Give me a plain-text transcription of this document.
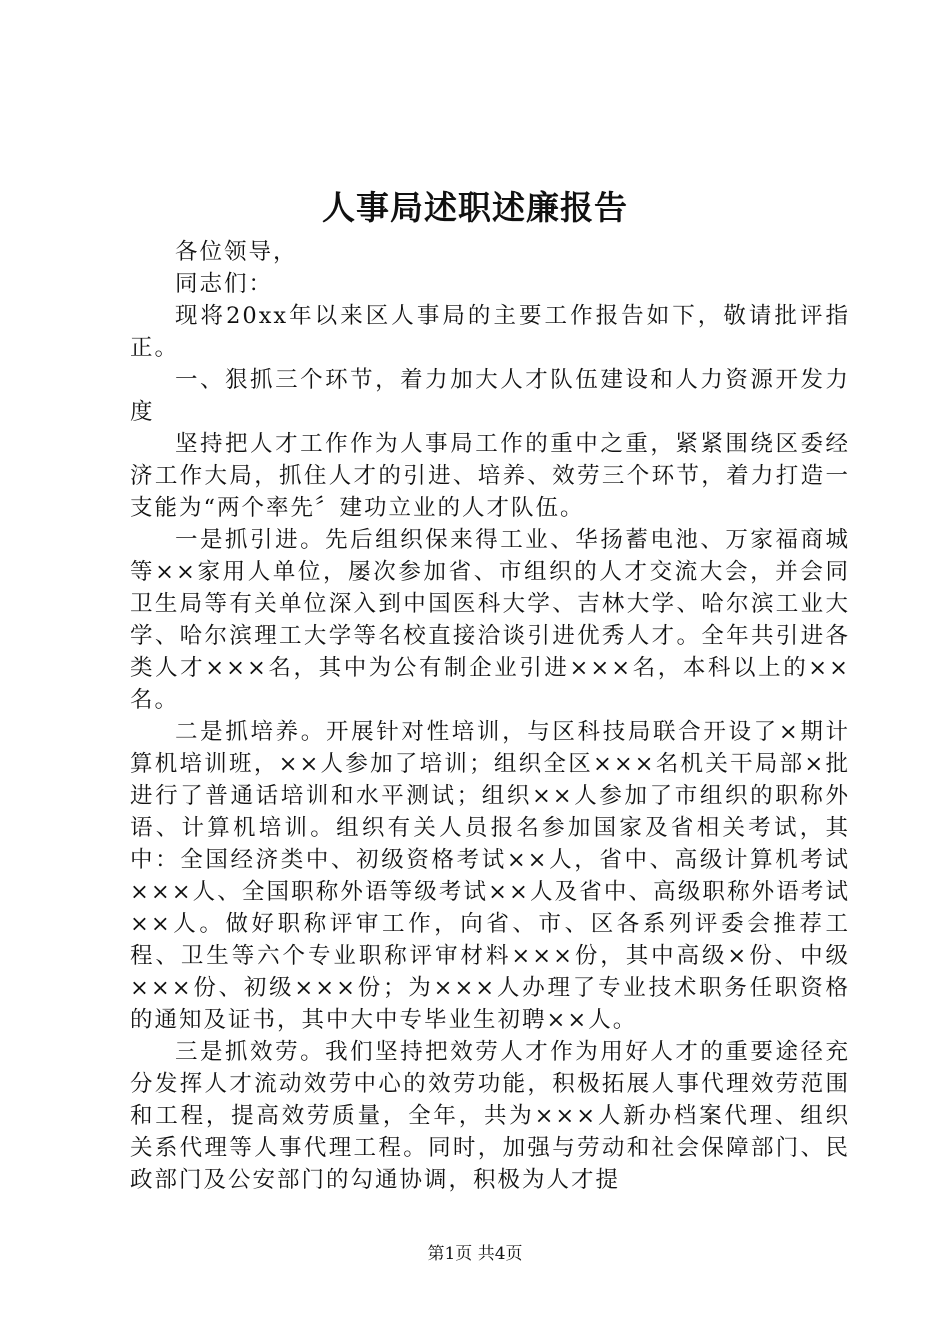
人事局述职述廉报告

各位领导，

同志们：

现将20xx年以来区人事局的主要工作报告如下，敬请批评指正。

一、狠抓三个环节，着力加大人才队伍建设和人力资源开发力度

坚持把人才工作作为人事局工作的重中之重，紧紧围绕区委经济工作大局，抓住人才的引进、培养、效劳三个环节，着力打造一支能为“两个率先〞建功立业的人才队伍。

一是抓引进。先后组织保来得工业、华扬蓄电池、万家福商城等××家用人单位，屡次参加省、市组织的人才交流大会，并会同卫生局等有关单位深入到中国医科大学、吉林大学、哈尔滨工业大学、哈尔滨理工大学等名校直接洽谈引进优秀人才。全年共引进各类人才×××名，其中为公有制企业引进×××名，本科以上的××名。

二是抓培养。开展针对性培训，与区科技局联合开设了×期计算机培训班，××人参加了培训；组织全区×××名机关干局部×批进行了普通话培训和水平测试；组织××人参加了市组织的职称外语、计算机培训。组织有关人员报名参加国家及省相关考试，其中：全国经济类中、初级资格考试××人，省中、高级计算机考试×××人、全国职称外语等级考试××人及省中、高级职称外语考试××人。做好职称评审工作，向省、市、区各系列评委会推荐工程、卫生等六个专业职称评审材料×××份，其中高级×份、中级×××份、初级×××份；为×××人办理了专业技术职务任职资格的通知及证书，其中大中专毕业生初聘××人。

三是抓效劳。我们坚持把效劳人才作为用好人才的重要途径充分发挥人才流动效劳中心的效劳功能，积极拓展人事代理效劳范围和工程，提高效劳质量，全年，共为×××人新办档案代理、组织关系代理等人事代理工程。同时，加强与劳动和社会保障部门、民政部门及公安部门的勾通协调，积极为人才提

第1页 共4页
